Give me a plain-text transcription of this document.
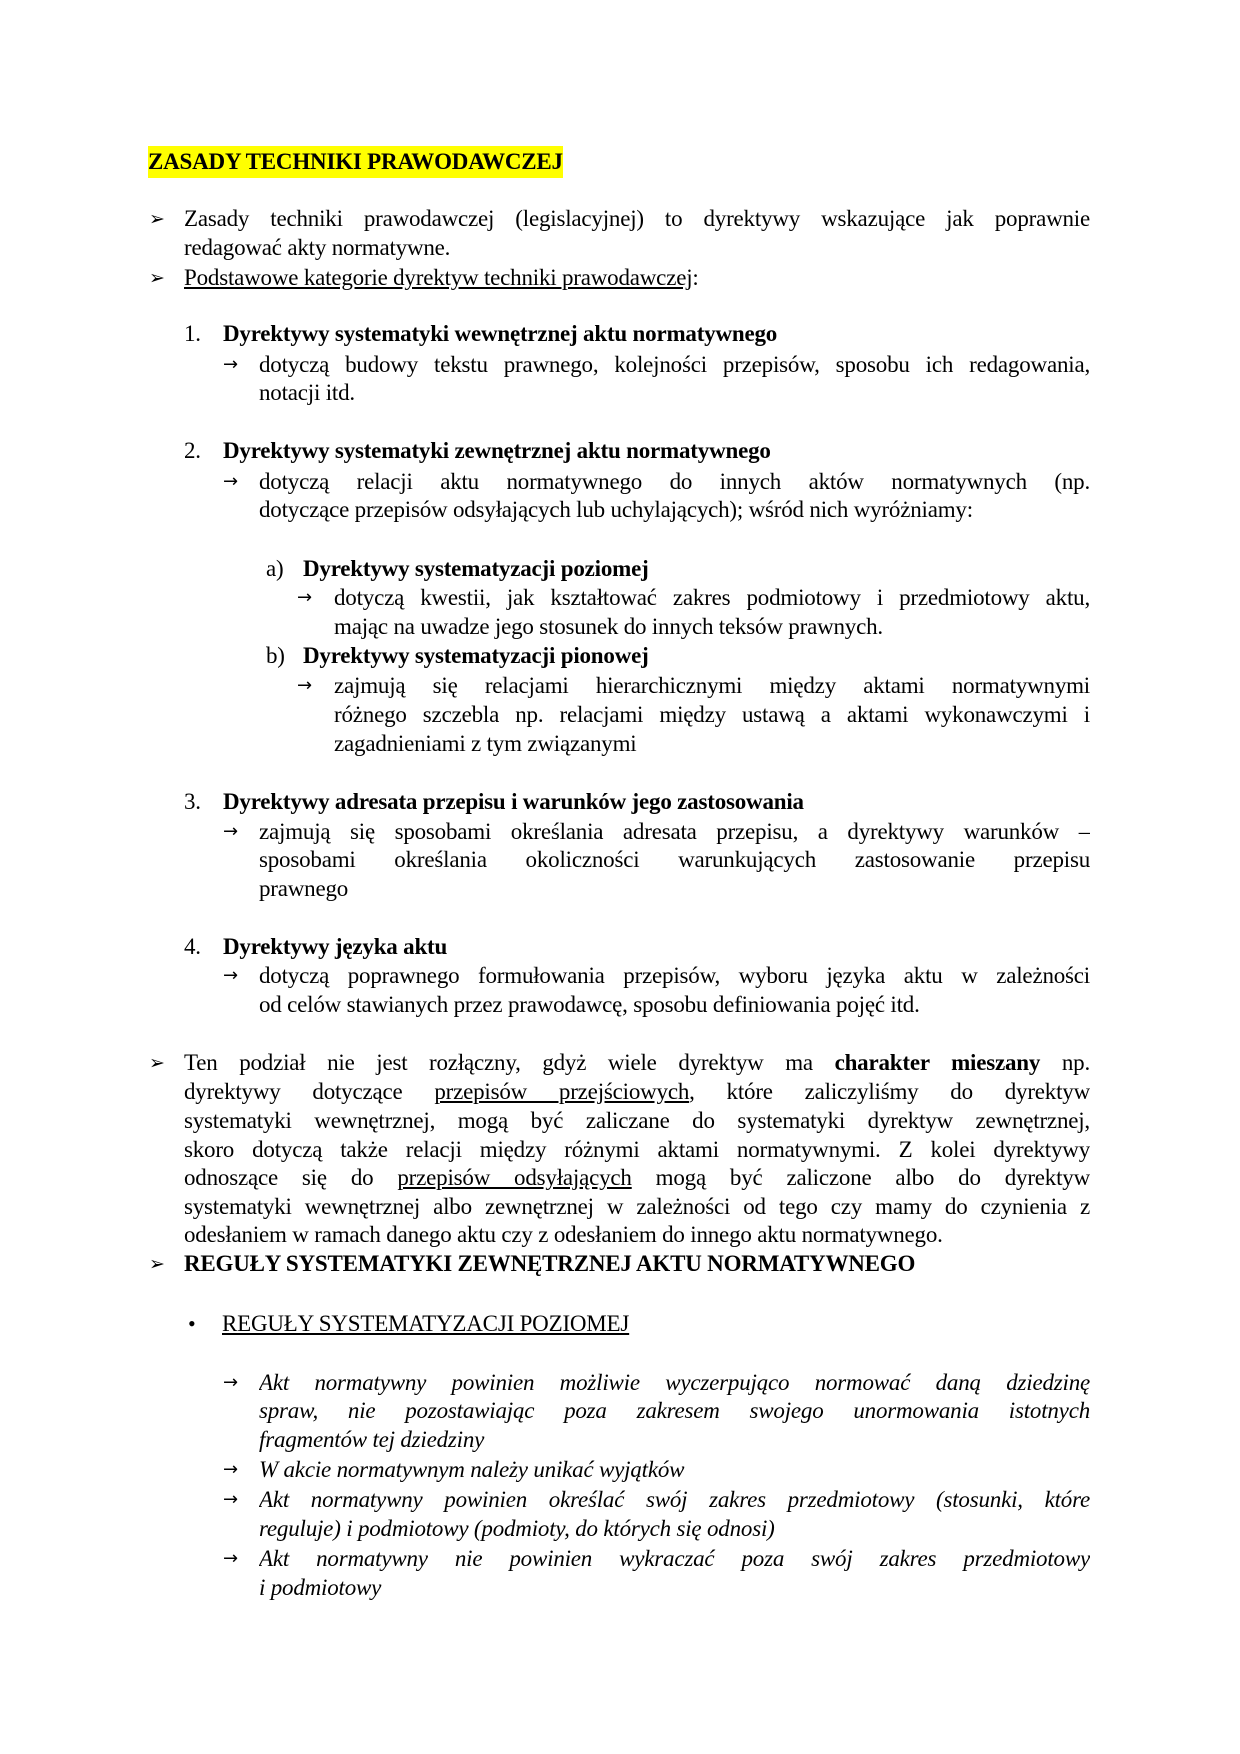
ZASADY TECHNIKI PRAWODAWCZEJ
➢ Zasady techniki prawodawczej (legislacyjnej) to dyrektywy wskazujące jak poprawnie
redagować akty normatywne.
➢ Podstawowe kategorie dyrektyw techniki prawodawczej:
1. Dyrektywy systematyki wewnętrznej aktu normatywnego
→ dotyczą budowy tekstu prawnego, kolejności przepisów, sposobu ich redagowania,
notacji itd.
2. Dyrektywy systematyki zewnętrznej aktu normatywnego
→ dotyczą relacji aktu normatywnego do innych aktów normatywnych (np.
dotyczące przepisów odsyłających lub uchylających); wśród nich wyróżniamy:
a) Dyrektywy systematyzacji poziomej
→ dotyczą kwestii, jak kształtować zakres podmiotowy i przedmiotowy aktu,
mając na uwadze jego stosunek do innych teksów prawnych.
b) Dyrektywy systematyzacji pionowej
→ zajmują się relacjami hierarchicznymi między aktami normatywnymi
różnego szczebla np. relacjami między ustawą a aktami wykonawczymi i
zagadnieniami z tym związanymi
3. Dyrektywy adresata przepisu i warunków jego zastosowania
→ zajmują się sposobami określania adresata przepisu, a dyrektywy warunków –
sposobami określania okoliczności warunkujących zastosowanie przepisu
prawnego
4. Dyrektywy języka aktu
→ dotyczą poprawnego formułowania przepisów, wyboru języka aktu w zależności
od celów stawianych przez prawodawcę, sposobu definiowania pojęć itd.
➢ Ten podział nie jest rozłączny, gdyż wiele dyrektyw ma charakter mieszany np.
dyrektywy dotyczące przepisów przejściowych, które zaliczyliśmy do dyrektyw
systematyki wewnętrznej, mogą być zaliczane do systematyki dyrektyw zewnętrznej,
skoro dotyczą także relacji między różnymi aktami normatywnymi. Z kolei dyrektywy
odnoszące się do przepisów odsyłających mogą być zaliczone albo do dyrektyw
systematyki wewnętrznej albo zewnętrznej w zależności od tego czy mamy do czynienia z
odesłaniem w ramach danego aktu czy z odesłaniem do innego aktu normatywnego.
➢ REGUŁY SYSTEMATYKI ZEWNĘTRZNEJ AKTU NORMATYWNEGO
• REGUŁY SYSTEMATYZACJI POZIOMEJ
→ Akt normatywny powinien możliwie wyczerpująco normować daną dziedzinę
spraw, nie pozostawiając poza zakresem swojego unormowania istotnych
fragmentów tej dziedziny
→ W akcie normatywnym należy unikać wyjątków
→ Akt normatywny powinien określać swój zakres przedmiotowy (stosunki, które
reguluje) i podmiotowy (podmioty, do których się odnosi)
→ Akt normatywny nie powinien wykraczać poza swój zakres przedmiotowy
i podmiotowy
